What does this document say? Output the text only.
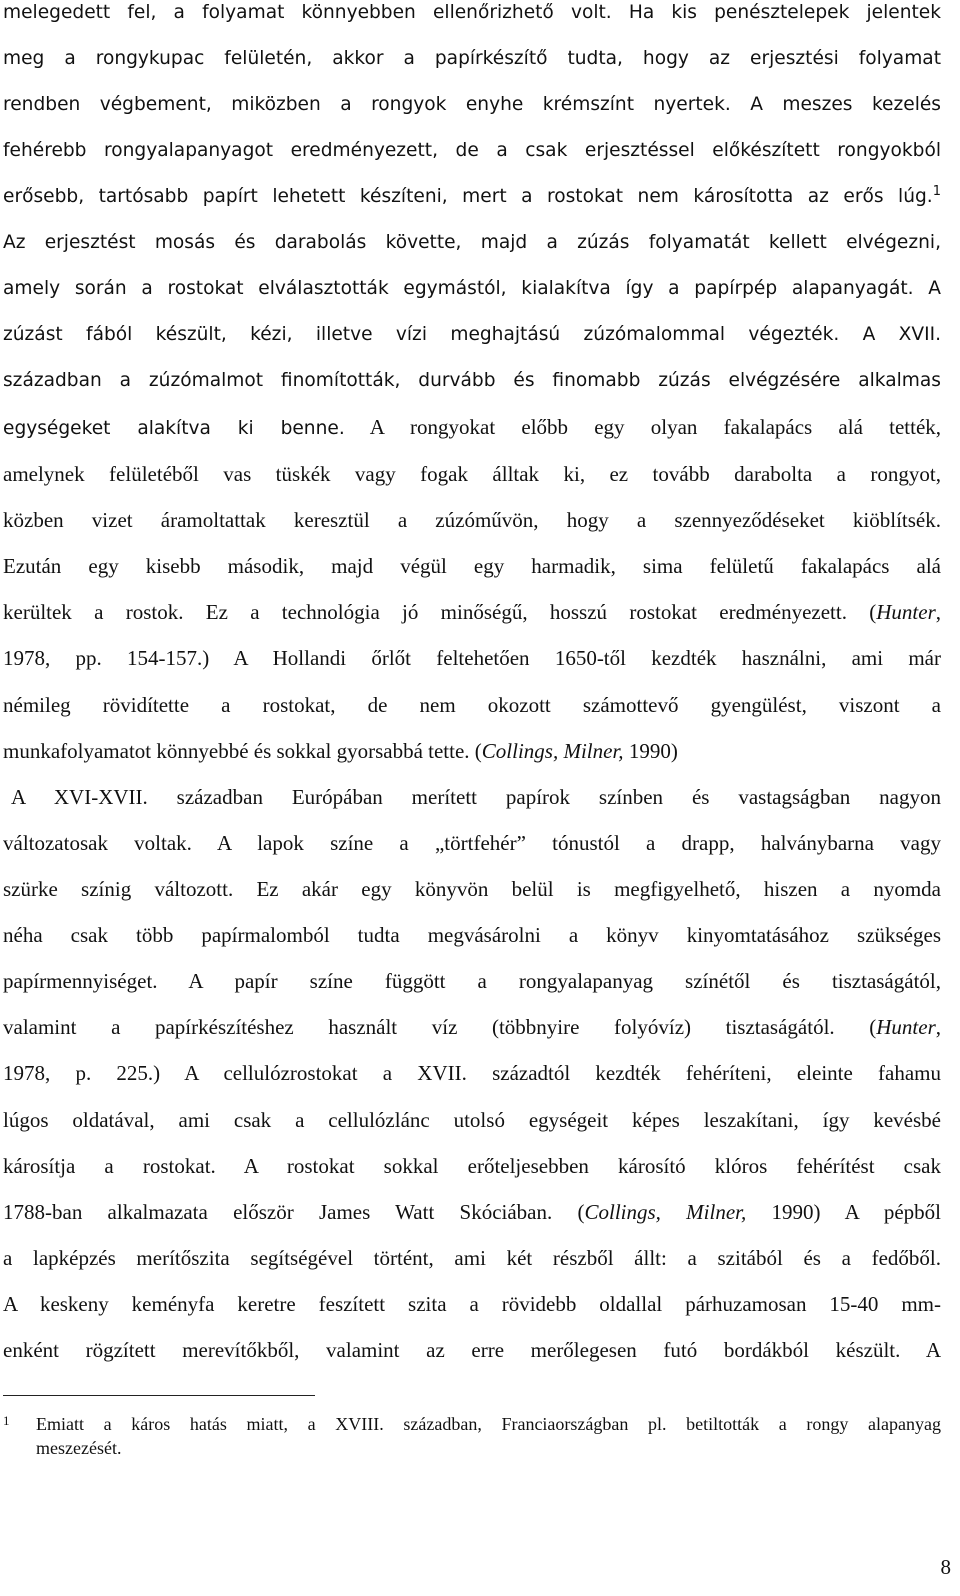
melegedett fel, a folyamat könnyebben ellenőrizhető volt. Ha kis penésztelepek jelentek
meg a rongykupac felületén, akkor a papírkészítő tudta, hogy az erjesztési folyamat
rendben végbement, miközben a rongyok enyhe krémszínt nyertek. A meszes kezelés
fehérebb rongyalapanyagot eredményezett, de a csak erjesztéssel előkészített rongyokból
erősebb, tartósabb papírt lehetett készíteni, mert a rostokat nem károsította az erős lúg.$^1$
Az erjesztést mosás és darabolás követte, majd a zúzás folyamatát kellett elvégezni,
amely során a rostokat elválasztották egymástól, kialakítva így a papírpép alapanyagát. A
zúzást fából készült, kézi, illetve vízi meghajtású zúzómalommal végezték. A XVII.
században a zúzómalmot finomították, durvább és finomabb zúzás elvégzésére alkalmas
egységeket alakítva ki benne. A rongyokat előbb egy olyan fakalapács alá tették,
amelynek felületéből vas tüskék vagy fogak álltak ki, ez tovább darabolta a rongyot,
közben vizet áramoltattak keresztül a zúzóművön, hogy a szennyeződéseket kiöblítsék.
Ezután egy kisebb második, majd végül egy harmadik, sima felületű fakalapács alá
kerültek a rostok. Ez a technológia jó minőségű, hosszú rostokat eredményezett. (Hunter,
1978, pp. 154-157.) A Hollandi őrlőt feltehetően 1650-től kezdték használni, ami már
némileg rövidítette a rostokat, de nem okozott számottevő gyengülést, viszont a
munkafolyamatot könnyebbé és sokkal gyorsabbá tette. (Collings, Milner, 1990)
A XVI-XVII. században Európában merített papírok színben és vastagságban nagyon
változatosak voltak. A lapok színe a „törtfehér” tónustól a drapp, halványbarna vagy
szürke színig változott. Ez akár egy könyvön belül is megfigyelhető, hiszen a nyomda
néha csak több papírmalomból tudta megvásárolni a könyv kinyomtatásához szükséges
papírmennyiséget. A papír színe függött a rongyalapanyag színétől és tisztaságától,
valamint a papírkészítéshez használt víz (többnyire folyóvíz) tisztaságától. (Hunter,
1978, p. 225.) A cellulózrostokat a XVII. századtól kezdték fehéríteni, eleinte fahamu
lúgos oldatával, ami csak a cellulózlánc utolsó egységeit képes leszakítani, így kevésbé
károsítja a rostokat. A rostokat sokkal erőteljesebben károsító klóros fehérítést csak
1788-ban alkalmazata először James Watt Skóciában. (Collings, Milner, 1990) A pépből
a lapképzés merítőszita segítségével történt, ami két részből állt: a szitából és a fedőből.
A keskeny keményfa keretre feszített szita a rövidebb oldallal párhuzamosan 15-40 mm-
enként rögzített merevítőkből, valamint az erre merőlegesen futó bordákból készült. A
1 Emiatt a káros hatás miatt, a XVIII. században, Franciaországban pl. betiltották a rongy alapanyag
meszezését.
8
